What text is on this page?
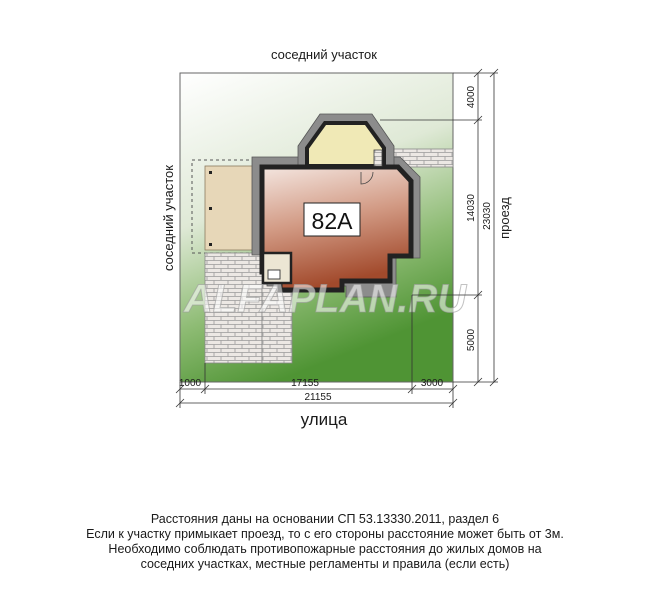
82А
ALFAPLAN.RU
соседний участок
соседний участок	проезд
улица
4000
14030 23030
5000
1000	17155	3000
21155
Расстояния даны на основании СП 53.13330.2011, раздел 6
Если к участку примыкает проезд, то с его стороны расстояние может быть от 3м.
Необходимо соблюдать противопожарные расстояния до жилых домов на
соседних участках, местные регламенты и правила (если есть)
